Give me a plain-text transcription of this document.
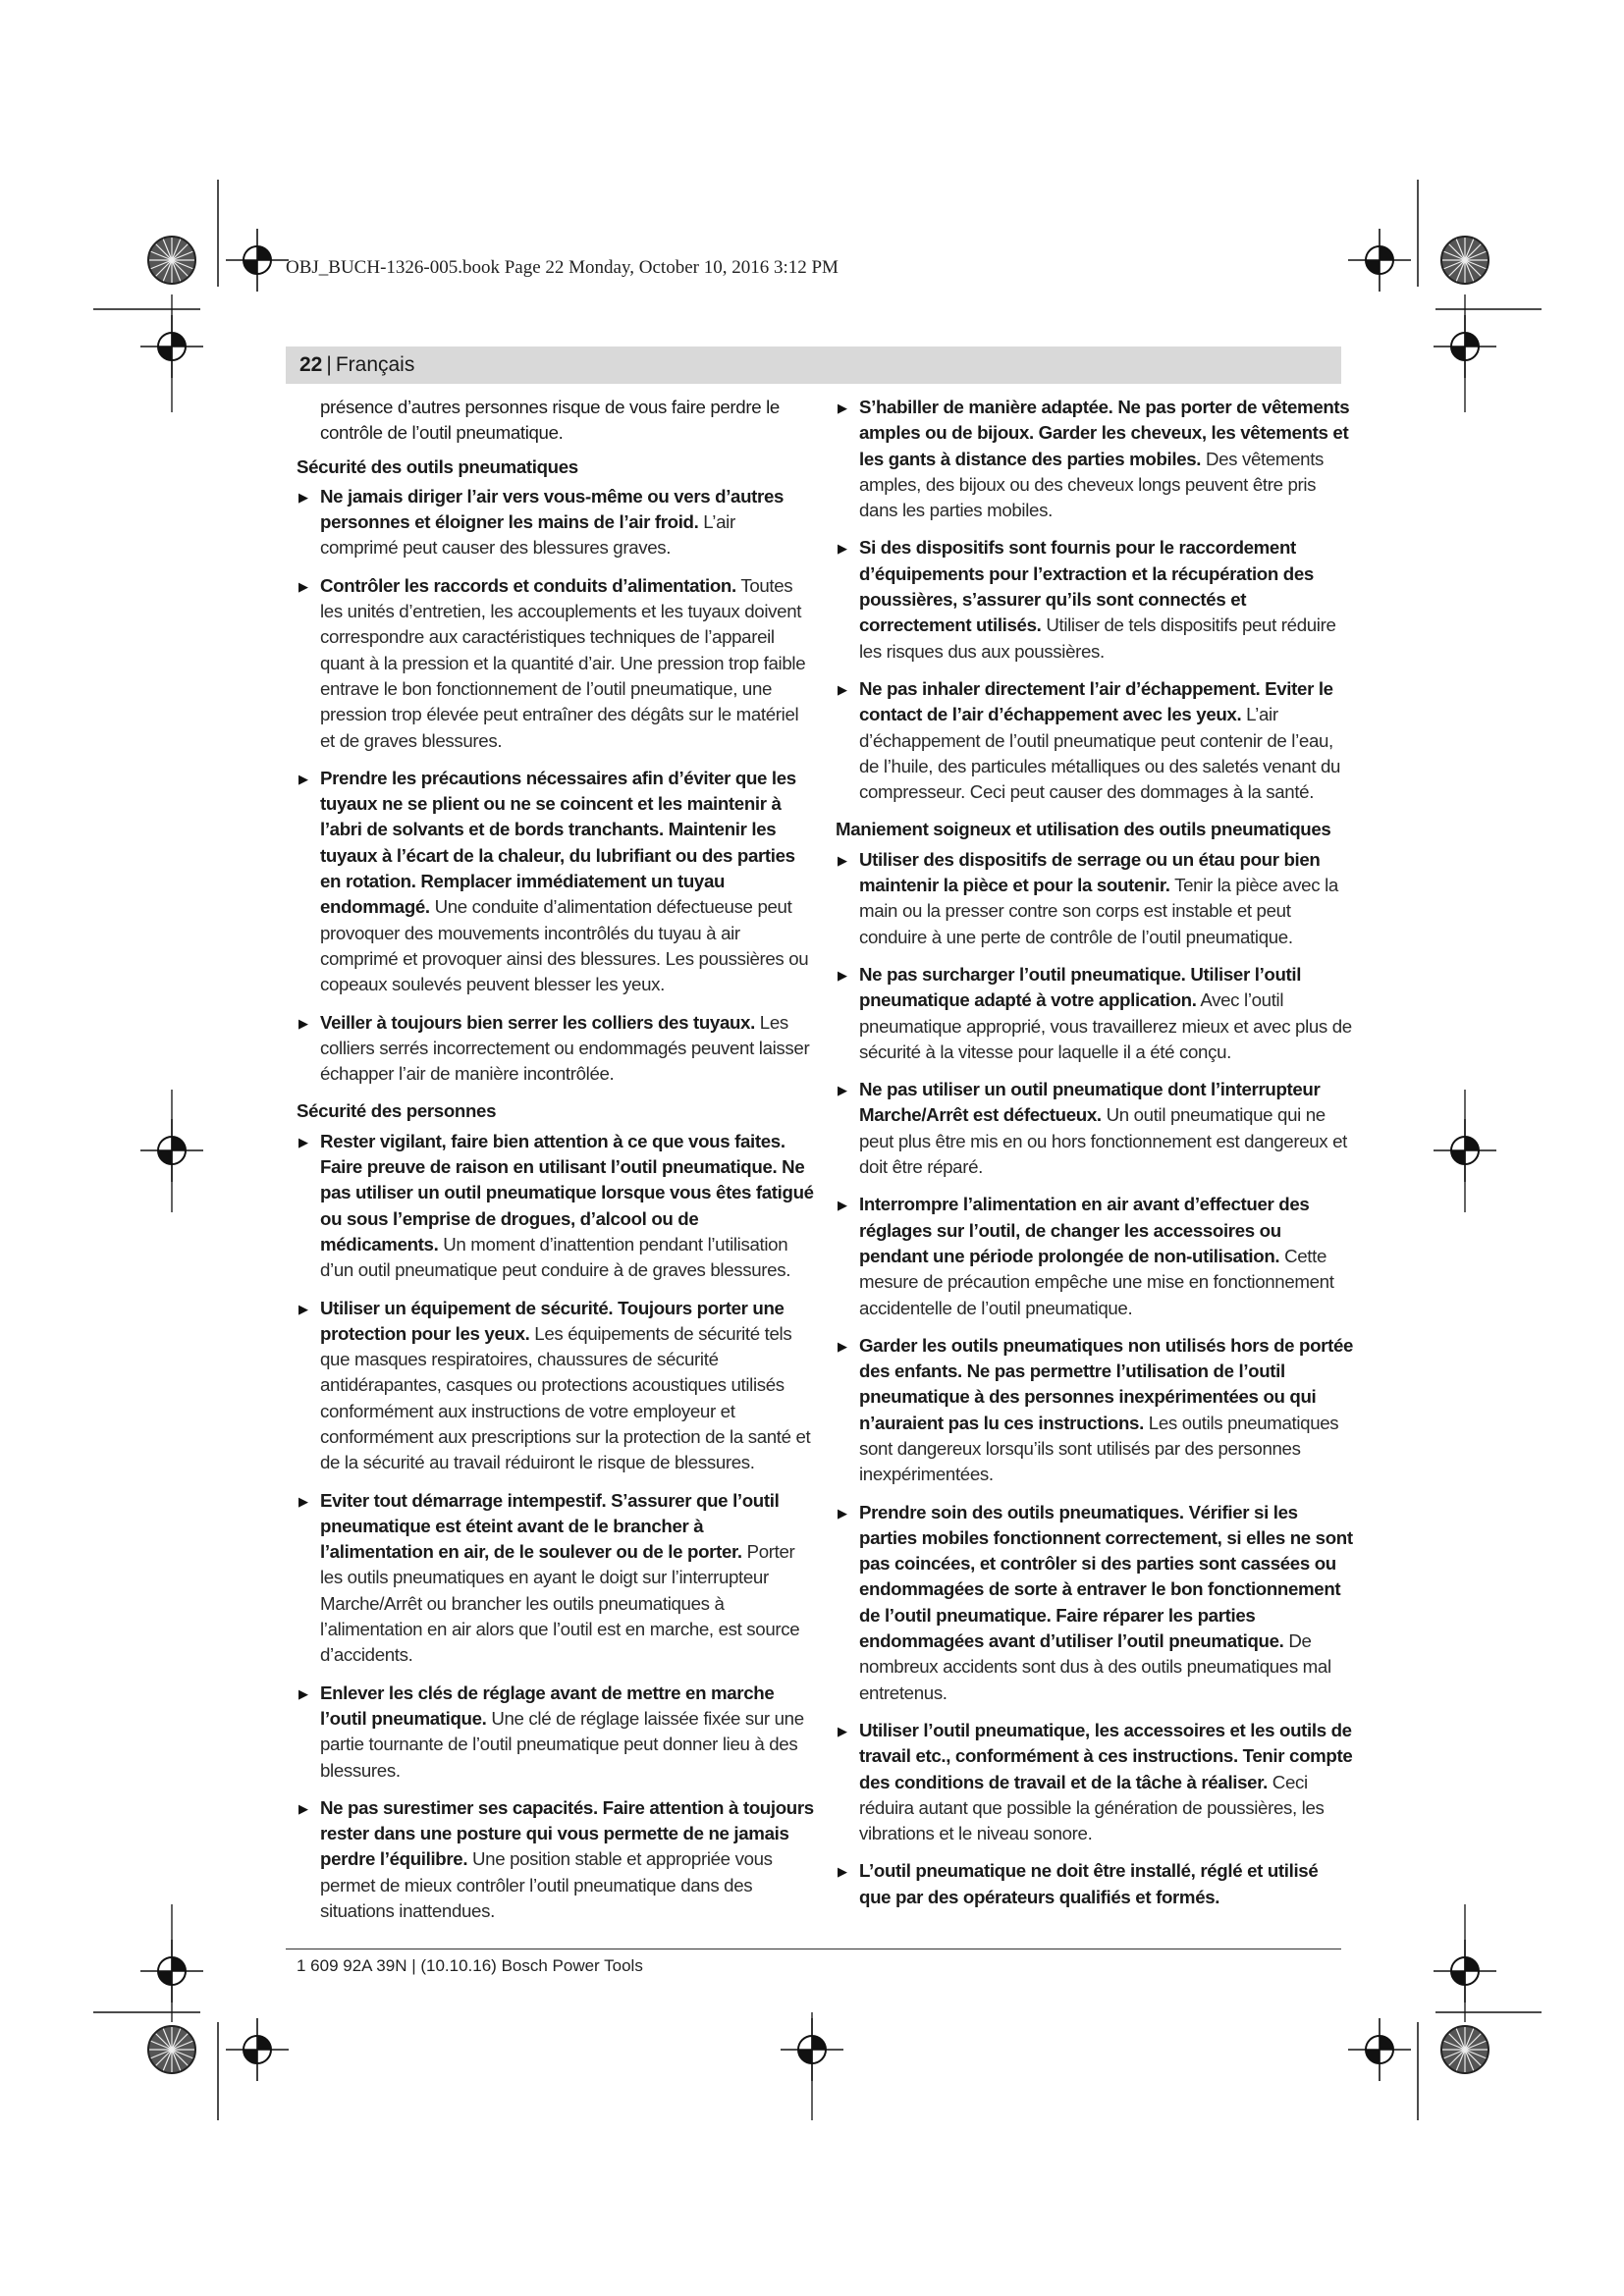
OBJ_BUCH-1326-005.book Page 22 Monday, October 10, 2016 3:12 PM
22 | Français

présence d’autres personnes risque de vous faire perdre le contrôle de l’outil pneumatique.

Sécurité des outils pneumatiques
▶ Ne jamais diriger l’air vers vous-même ou vers d’autres personnes et éloigner les mains de l’air froid. L’air comprimé peut causer des blessures graves.
▶ Contrôler les raccords et conduits d’alimentation. Toutes les unités d’entretien, les accouplements et les tuyaux doivent correspondre aux caractéristiques techniques de l’appareil quant à la pression et la quantité d’air. Une pression trop faible entrave le bon fonctionnement de l’outil pneumatique, une pression trop élevée peut entraîner des dégâts sur le matériel et de graves blessures.
▶ Prendre les précautions nécessaires afin d’éviter que les tuyaux ne se plient ou ne se coincent et les maintenir à l’abri de solvants et de bords tranchants. Maintenir les tuyaux à l’écart de la chaleur, du lubrifiant ou des parties en rotation. Remplacer immédiatement un tuyau endommagé. Une conduite d’alimentation défectueuse peut provoquer des mouvements incontrôlés du tuyau à air comprimé et provoquer ainsi des blessures. Les poussières ou copeaux soulevés peuvent blesser les yeux.
▶ Veiller à toujours bien serrer les colliers des tuyaux. Les colliers serrés incorrectement ou endommagés peuvent laisser échapper l’air de manière incontrôlée.
Sécurité des personnes
▶ Rester vigilant, faire bien attention à ce que vous faites. Faire preuve de raison en utilisant l’outil pneumatique. Ne pas utiliser un outil pneumatique lorsque vous êtes fatigué ou sous l’emprise de drogues, d’alcool ou de médicaments. Un moment d’inattention pendant l’utilisation d’un outil pneumatique peut conduire à de graves blessures.
▶ Utiliser un équipement de sécurité. Toujours porter une protection pour les yeux. Les équipements de sécurité tels que masques respiratoires, chaussures de sécurité antidérapantes, casques ou protections acoustiques utilisés conformément aux instructions de votre employeur et conformément aux prescriptions sur la protection de la santé et de la sécurité au travail réduiront le risque de blessures.
▶ Eviter tout démarrage intempestif. S’assurer que l’outil pneumatique est éteint avant de le brancher à l’alimentation en air, de le soulever ou de le porter. Porter les outils pneumatiques en ayant le doigt sur l’interrupteur Marche/Arrêt ou brancher les outils pneumatiques à l’alimentation en air alors que l’outil est en marche, est source d’accidents.
▶ Enlever les clés de réglage avant de mettre en marche l’outil pneumatique. Une clé de réglage laissée fixée sur une partie tournante de l’outil pneumatique peut donner lieu à des blessures.
▶ Ne pas surestimer ses capacités. Faire attention à toujours rester dans une posture qui vous permette de ne jamais perdre l’équilibre. Une position stable et appropriée vous permet de mieux contrôler l’outil pneumatique dans des situations inattendues.
▶ S’habiller de manière adaptée. Ne pas porter de vêtements amples ou de bijoux. Garder les cheveux, les vêtements et les gants à distance des parties mobiles. Des vêtements amples, des bijoux ou des cheveux longs peuvent être pris dans les parties mobiles.
▶ Si des dispositifs sont fournis pour le raccordement d’équipements pour l’extraction et la récupération des poussières, s’assurer qu’ils sont connectés et correctement utilisés. Utiliser de tels dispositifs peut réduire les risques dus aux poussières.
▶ Ne pas inhaler directement l’air d’échappement. Eviter le contact de l’air d’échappement avec les yeux. L’air d’échappement de l’outil pneumatique peut contenir de l’eau, de l’huile, des particules métalliques ou des saletés venant du compresseur. Ceci peut causer des dommages à la santé.
Maniement soigneux et utilisation des outils pneumatiques
▶ Utiliser des dispositifs de serrage ou un étau pour bien maintenir la pièce et pour la soutenir. Tenir la pièce avec la main ou la presser contre son corps est instable et peut conduire à une perte de contrôle de l’outil pneumatique.
▶ Ne pas surcharger l’outil pneumatique. Utiliser l’outil pneumatique adapté à votre application. Avec l’outil pneumatique approprié, vous travaillerez mieux et avec plus de sécurité à la vitesse pour laquelle il a été conçu.
▶ Ne pas utiliser un outil pneumatique dont l’interrupteur Marche/Arrêt est défectueux. Un outil pneumatique qui ne peut plus être mis en ou hors fonctionnement est dangereux et doit être réparé.
▶ Interrompre l’alimentation en air avant d’effectuer des réglages sur l’outil, de changer les accessoires ou pendant une période prolongée de non-utilisation. Cette mesure de précaution empêche une mise en fonctionnement accidentelle de l’outil pneumatique.
▶ Garder les outils pneumatiques non utilisés hors de portée des enfants. Ne pas permettre l’utilisation de l’outil pneumatique à des personnes inexpérimentées ou qui n’auraient pas lu ces instructions. Les outils pneumatiques sont dangereux lorsqu’ils sont utilisés par des personnes inexpérimentées.
▶ Prendre soin des outils pneumatiques. Vérifier si les parties mobiles fonctionnent correctement, si elles ne sont pas coincées, et contrôler si des parties sont cassées ou endommagées de sorte à entraver le bon fonctionnement de l’outil pneumatique. Faire réparer les parties endommagées avant d’utiliser l’outil pneumatique. De nombreux accidents sont dus à des outils pneumatiques mal entretenus.
▶ Utiliser l’outil pneumatique, les accessoires et les outils de travail etc., conformément à ces instructions. Tenir compte des conditions de travail et de la tâche à réaliser. Ceci réduira autant que possible la génération de poussières, les vibrations et le niveau sonore.
▶ L’outil pneumatique ne doit être installé, réglé et utilisé que par des opérateurs qualifiés et formés.
1 609 92A 39N | (10.10.16) Bosch Power Tools
